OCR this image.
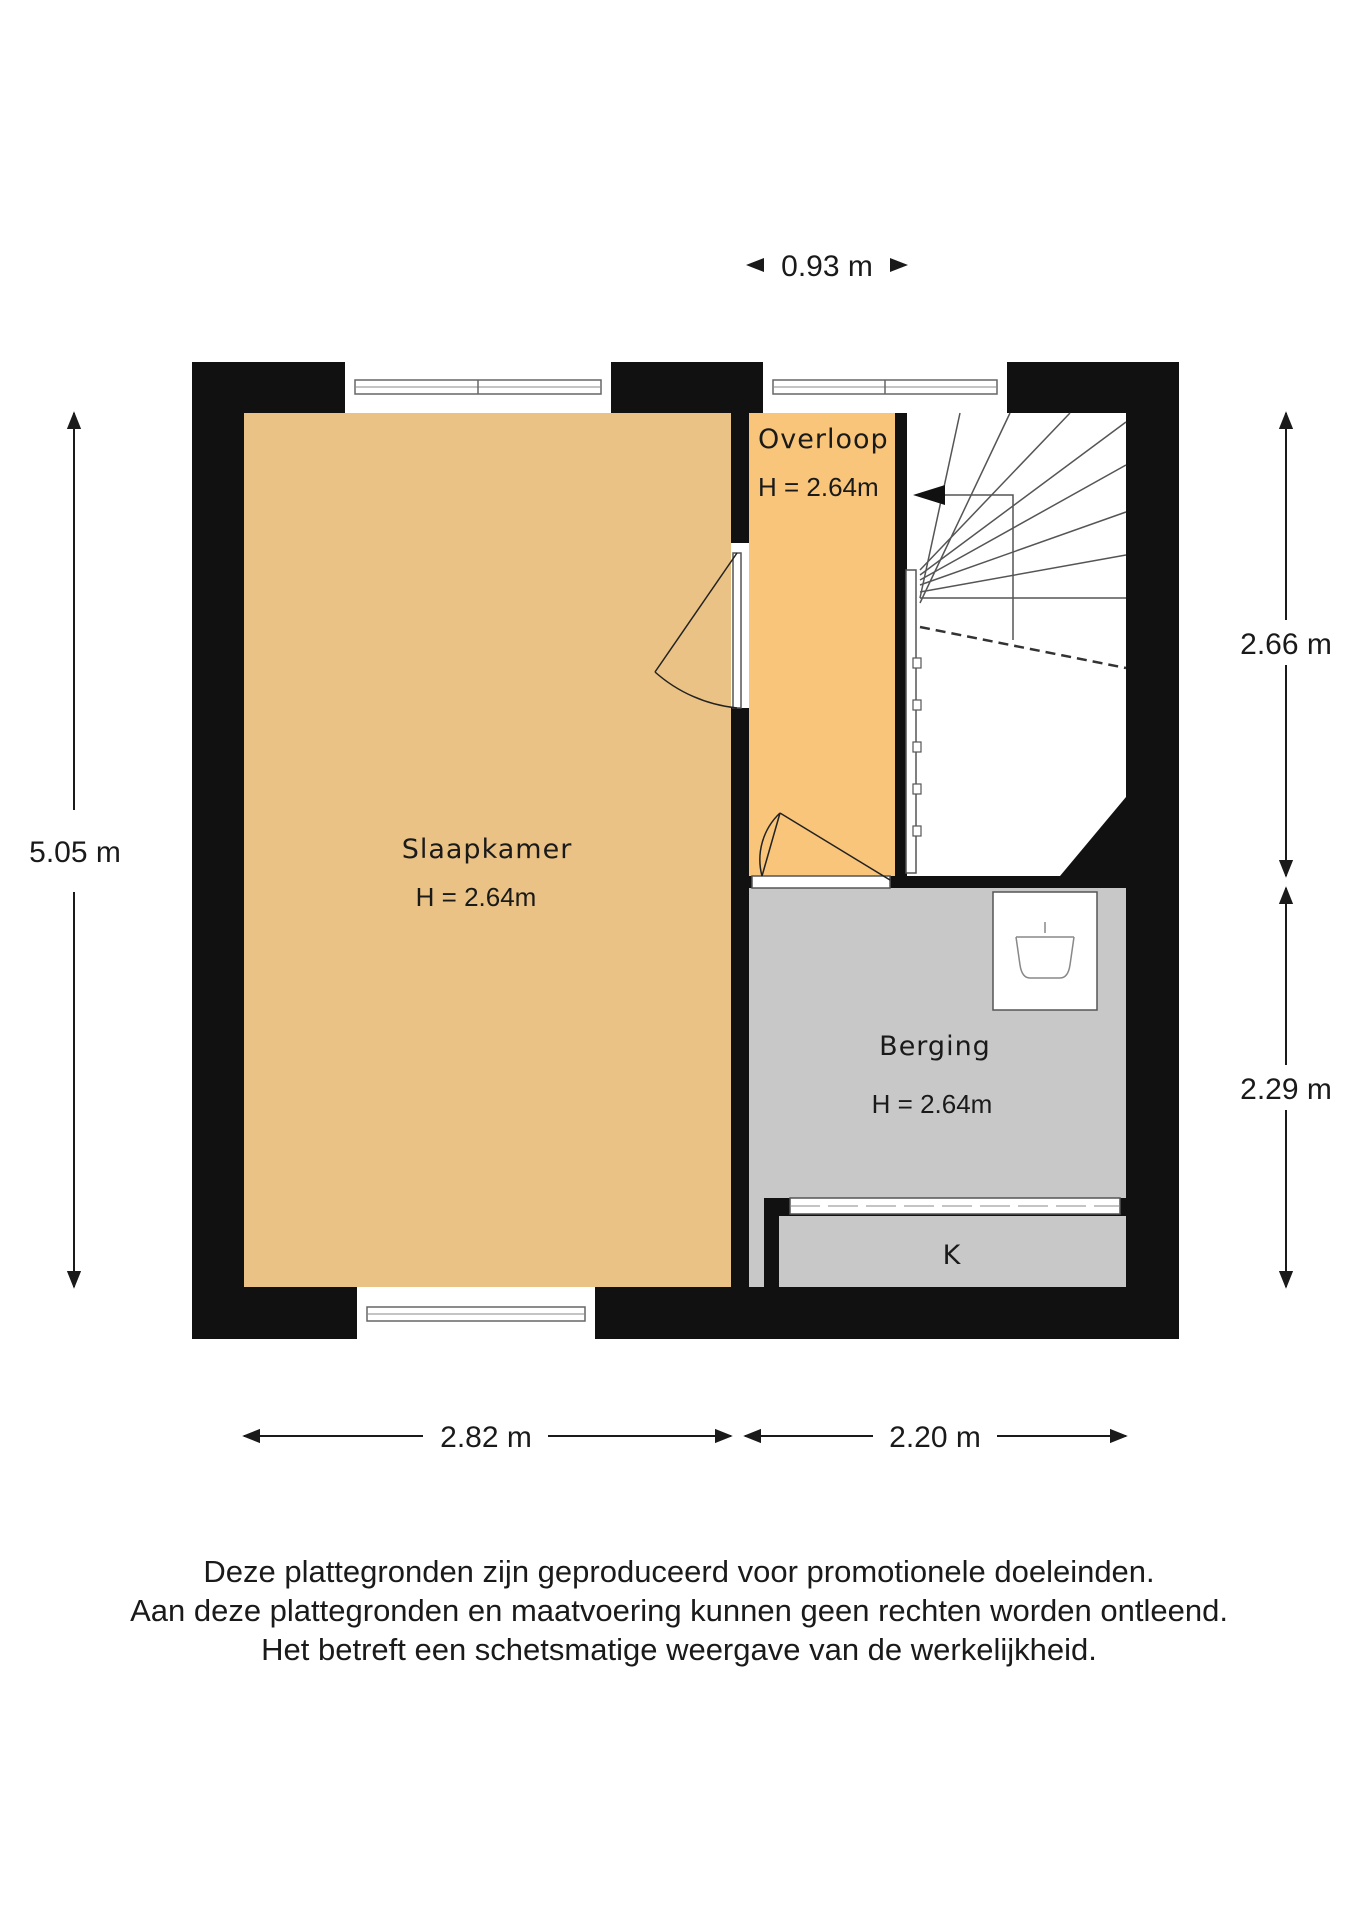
Slaapkamer
H = 2.64m
Overloop
H = 2.64m
Berging
H = 2.64m
K
0.93 m
5.05 m
2.66 m
2.29 m
2.82 m	2.20 m
Deze plattegronden zijn geproduceerd voor promotionele doeleinden.
Aan deze plattegronden en maatvoering kunnen geen rechten worden ontleend.
Het betreft een schetsmatige weergave van de werkelijkheid.
